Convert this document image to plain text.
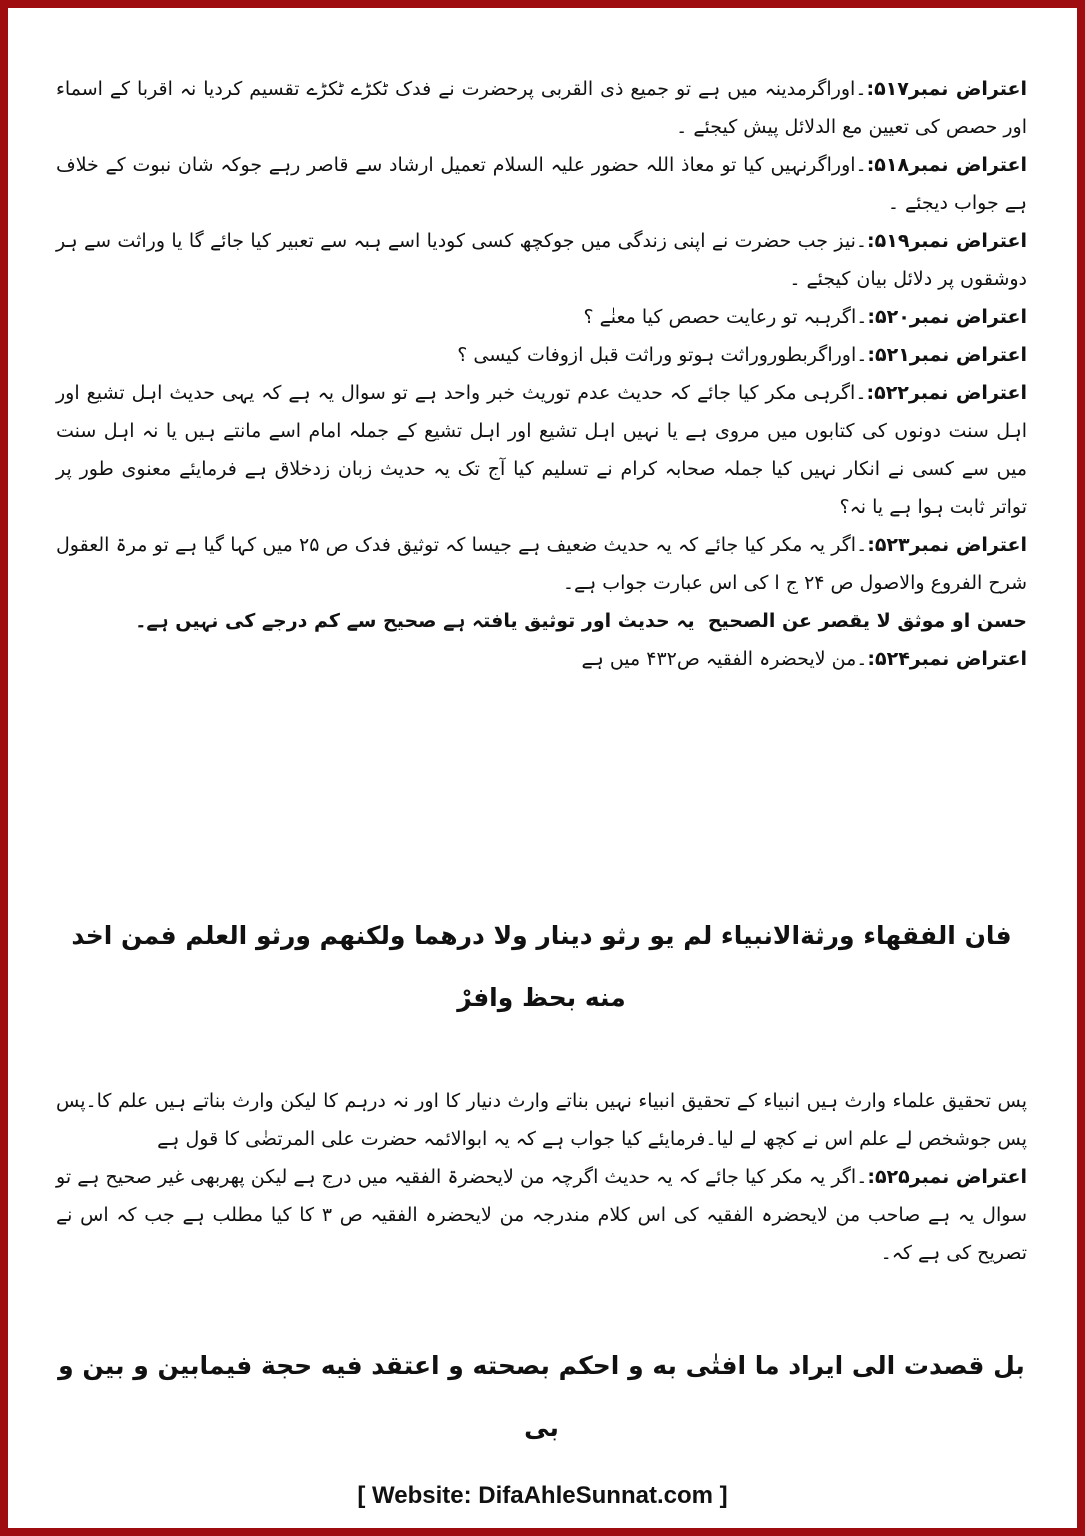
اعتراض نمبر۵۱۷:۔اوراگرمدینہ میں ہے تو جمیع ذی القربی پرحضرت نے فدک ٹکڑے ٹکڑے تقسیم کردیا نہ اقربا کے اسماء اور حصص کی تعیین مع الدلائل پیش کیجئے ۔

اعتراض نمبر۵۱۸:۔اوراگرنہیں کیا تو معاذ اللہ حضور علیہ السلام تعمیل ارشاد سے قاصر رہے جوکہ شان نبوت کے خلاف ہے جواب دیجئے ۔

اعتراض نمبر۵۱۹:۔نیز جب حضرت نے اپنی زندگی میں جوکچھ کسی کودیا اسے ہبہ سے تعبیر کیا جائے گا یا وراثت سے ہر دوشقوں پر دلائل بیان کیجئے ۔

اعتراض نمبر۵۲۰:۔اگرہبہ تو رعایت حصص کیا معنٰے ؟

اعتراض نمبر۵۲۱:۔اوراگربطوروراثت ہوتو وراثت قبل ازوفات کیسی ؟

اعتراض نمبر۵۲۲:۔اگرہی مکر کیا جائے کہ حدیث عدم توریث خبر واحد ہے تو سوال یہ ہے کہ یہی حدیث اہل تشیع اور اہل سنت دونوں کی کتابوں میں مروی ہے یا نہیں اہل تشیع اور اہل تشیع کے جملہ امام اسے مانتے ہیں یا نہ اہل سنت میں سے کسی نے انکار نہیں کیا جملہ صحابہ کرام نے تسلیم کیا آج تک یہ حدیث زبان زدخلاق ہے فرمایئے معنوی طور پر تواتر ثابت ہوا ہے یا نہ؟

اعتراض نمبر۵۲۳:۔اگر یہ مکر کیا جائے کہ یہ حدیث ضعیف ہے جیسا کہ توثیق فدک ص ۲۵ میں کہا گیا ہے تو مرۃ العقول شرح الفروع والاصول ص ۲۴ ج ا کی اس عبارت جواب ہے۔

حسن او موثق لا يقصر عن الصحيح  یہ حدیث اور توثیق یافتہ ہے صحیح سے کم درجے کی نہیں ہے۔

اعتراض نمبر۵۲۴:۔من لایحضرہ الفقیہ ص۴۳۲ میں ہے

فان الفقهاء ورثةالانبياء لم يو رثو دينار ولا درهما ولكنهم ورثو العلم فمن اخد منه بحظ وافرْ

پس تحقیق علماء وارث ہیں انبیاء کے تحقیق انبیاء نہیں بناتے وارث دنیار کا اور نہ درہم کا لیکن وارث بناتے ہیں علم کا۔پس پس جوشخص لے علم اس نے کچھ لے لیا۔فرمایئے کیا جواب ہے کہ یہ ابوالائمہ حضرت علی المرتضٰی کا قول ہے

اعتراض نمبر۵۲۵:۔اگر یہ مکر کیا جائے کہ یہ حدیث اگرچہ من لایحضرۃ الفقیہ میں درج ہے لیکن پھربھی غیر صحیح ہے تو سوال یہ ہے صاحب من لایحضرہ الفقیہ کی اس کلام مندرجہ من لایحضرہ الفقیہ ص ۳ کا کیا مطلب ہے جب کہ اس نے تصریح کی ہے کہ۔

بل قصدت الى ايراد ما افتٰى به و احكم بصحته و اعتقد فيه حجة فيمابين و بين و بى

[ Website: DifaAhleSunnat.com ]
